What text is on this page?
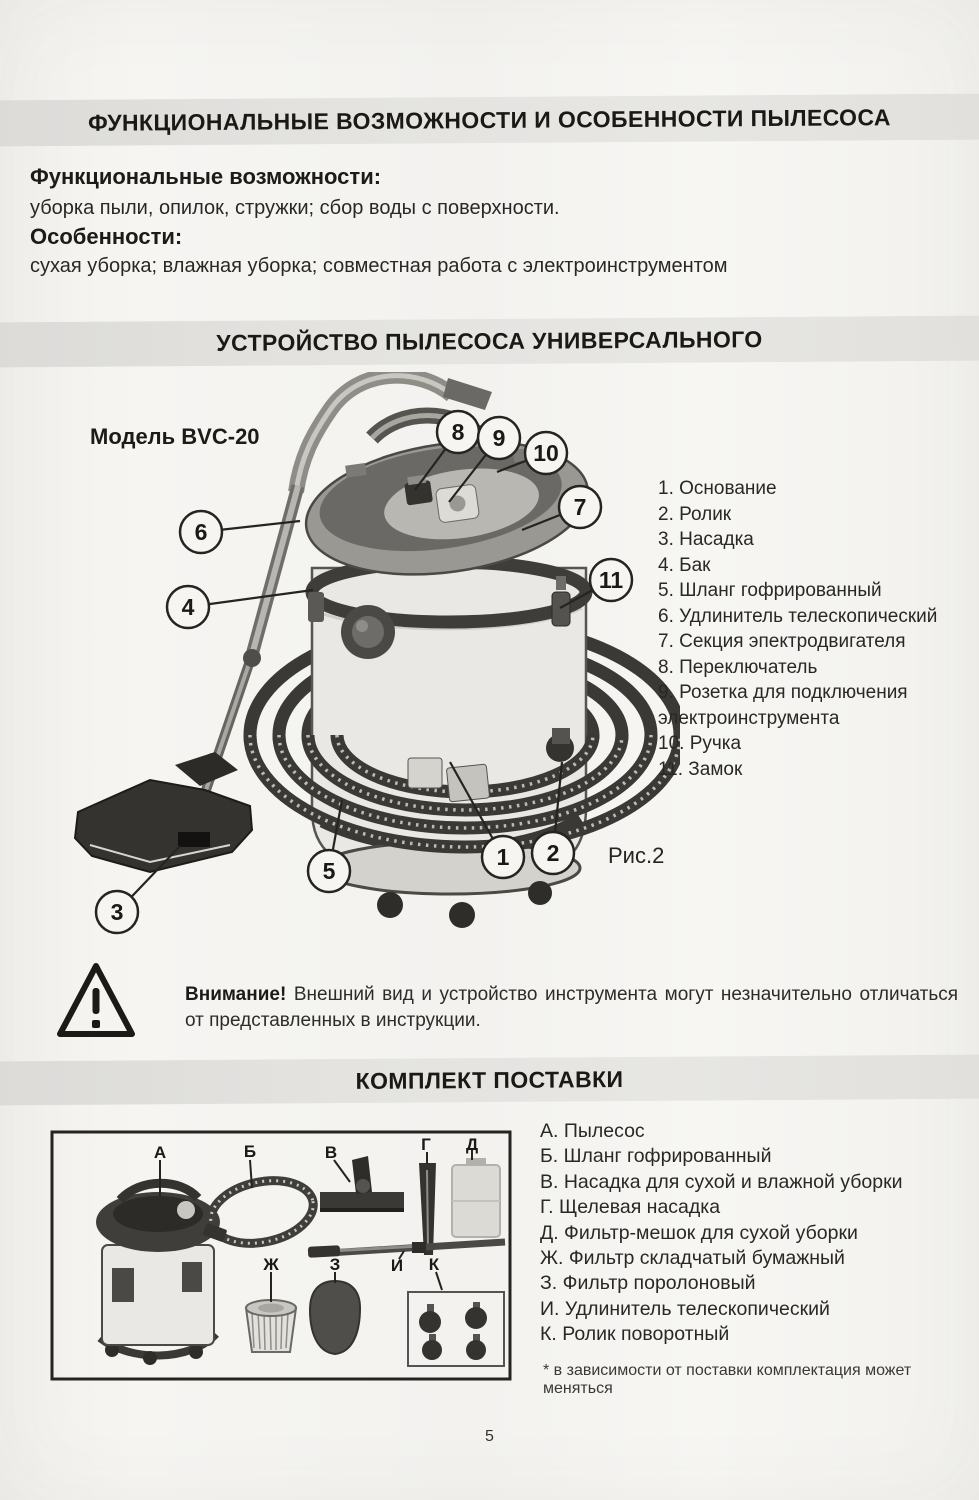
ФУНКЦИОНАЛЬНЫЕ ВОЗМОЖНОСТИ И ОСОБЕННОСТИ ПЫЛЕСОСА
Функциональные возможности:
уборка пыли, опилок, стружки; сбор воды с поверхности.
Особенности:
сухая уборка; влажная уборка; совместная работа с электроинструментом
УСТРОЙСТВО ПЫЛЕСОСА УНИВЕРСАЛЬНОГО
Модель BVC-20
1 2
3
4
5
6
7
8 9
10
11
1. Основание
2. Ролик
3. Насадка
4. Бак
5. Шланг гофрированный
6. Удлинитель телескопический
7. Секция эпектродвигателя
8. Переключатель
9. Розетка для подключения электроинструмента
10. Ручка
11. Замок
Рис.2
Внимание! Внешний вид и устройство инструмента могут незначительно отличаться от представленных в инструкции.
КОМПЛЕКТ ПОСТАВКИ
А	Б	В	Г Д
Ж	З	И К
А. Пылесос
Б. Шланг гофрированный
В. Насадка для сухой и влажной уборки
Г. Щелевая насадка
Д. Фильтр-мешок для сухой уборки
Ж. Фильтр складчатый бумажный
З. Фильтр поролоновый
И. Удлинитель телескопический
К. Ролик поворотный
* в зависимости от поставки комплектация может меняться
5
